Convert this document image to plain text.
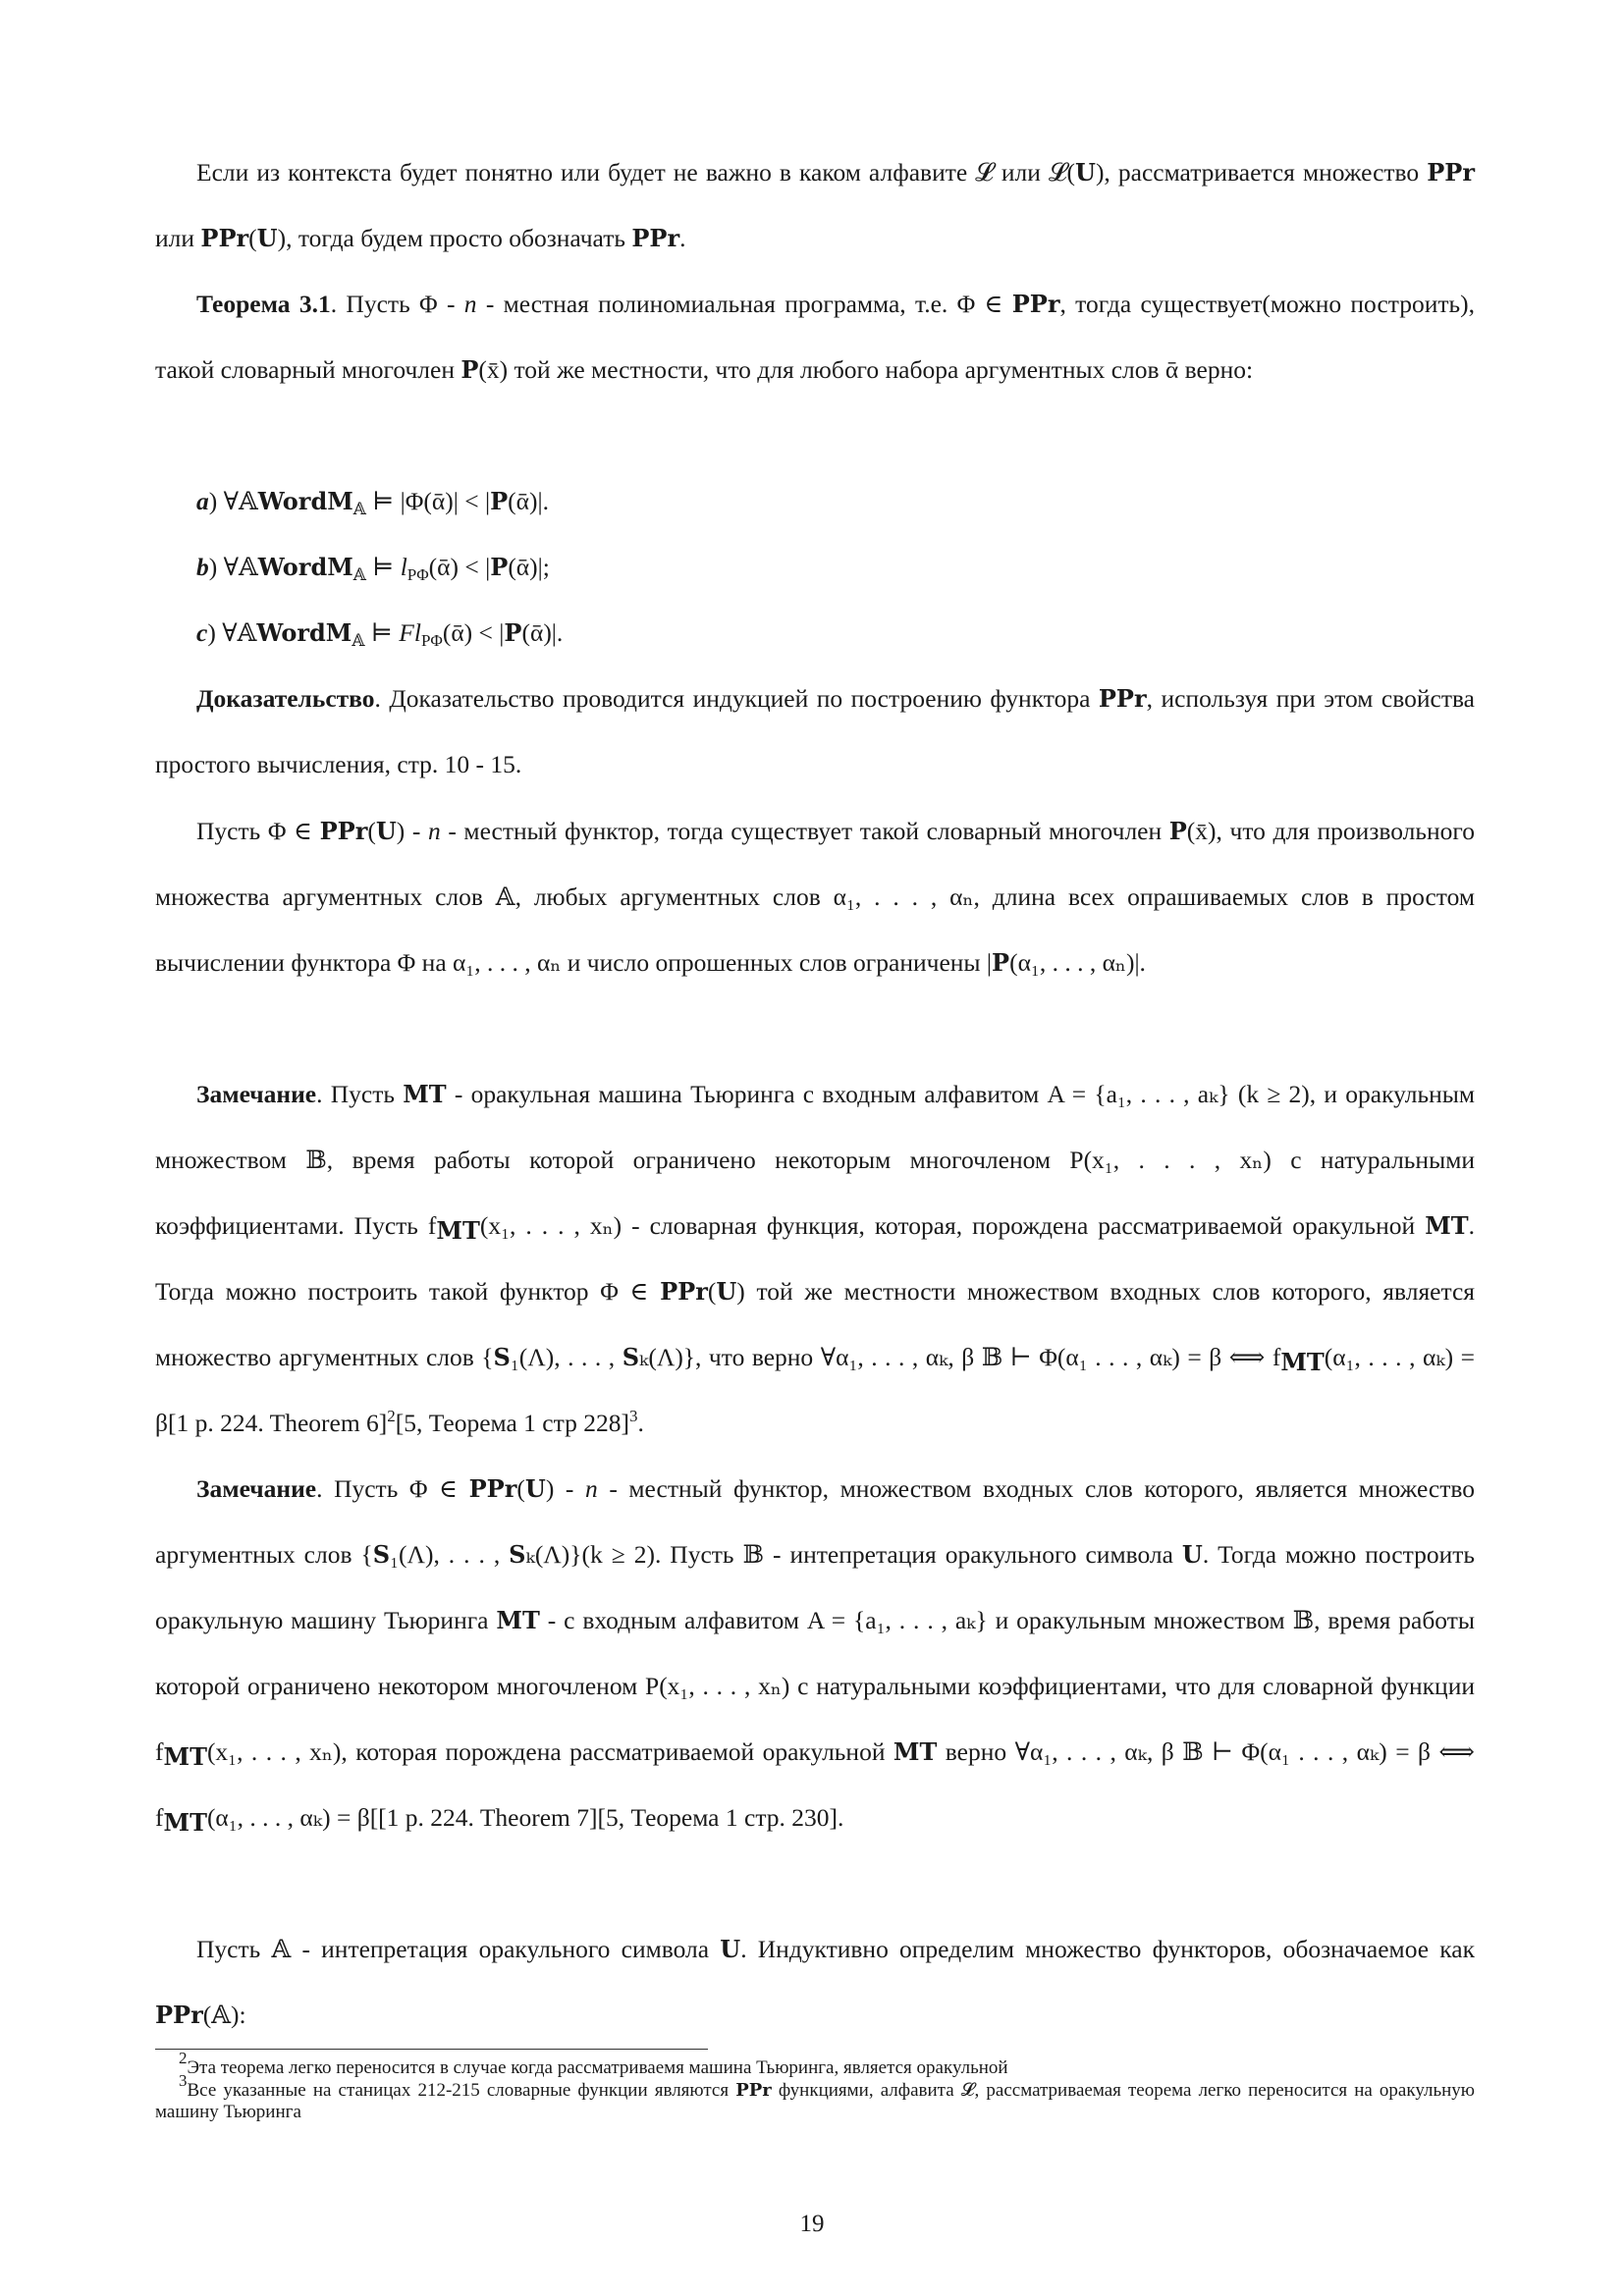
Если из контекста будет понятно или будет не важно в каком алфавите 𝓛 или 𝓛(U), рассматривается множество PPr или PPr(U), тогда будем просто обозначать PPr.

Теорема 3.1. Пусть Φ - n - местная полиномиальная программа, т.е. Φ ∈ PPr, тогда существует(можно построить), такой словарный многочлен P(x̄) той же местности, что для любого набора аргументных слов ᾱ верно:

a) ∀𝔸WordM$_𝔸$ ⊨ |Φ(ᾱ)| < |P(ᾱ)|.

b) ∀𝔸WordM$_𝔸$ ⊨ $l_{P\Phi}(ᾱ)$ < |P(ᾱ)|;

c) ∀𝔸WordM$_𝔸$ ⊨ $Fl_{P\Phi}(ᾱ)$ < |P(ᾱ)|.

Доказательство. Доказательство проводится индукцией по построению функтора PPr, используя при этом свойства простого вычисления, стр. 10 - 15.

Пусть Φ ∈ PPr(U) - n - местный функтор, тогда существует такой словарный многочлен P(x̄), что для произвольного множества аргументных слов 𝔸, любых аргументных слов α₁, . . . , αₙ, длина всех опрашиваемых слов в простом вычислении функтора Φ на α₁, . . . , αₙ и число опрошенных слов ограничены |P(α₁, . . . , αₙ)|.

Замечание. Пусть MT - оракульная машина Тьюринга с входным алфавитом A = {a₁, . . . , aₖ} (k ≥ 2), и оракульным множеством 𝔹, время работы которой ограничено некоторым многочленом P(x₁, . . . , xₙ) с натуральными коэффициентами. Пусть $f_{MT}(x_1$, . . . , xₙ) - словарная функция, которая, порождена рассматриваемой оракульной MT. Тогда можно построить такой функтор Φ ∈ PPr(U) той же местности множеством входных слов которого, является множество аргументных слов {S₁(Λ), . . . , Sₖ(Λ)}, что верно ∀α₁, . . . , αₖ, β 𝔹 ⊢ Φ(α₁ . . . , αₖ) = β ⟺ $f_{MT}(\alpha_1$, . . . , αₖ) = β[1 p. 224. Theorem 6]$^2$[5, Теорема 1 стр 228]$^3$.

Замечание. Пусть Φ ∈ PPr(U) - n - местный функтор, множеством входных слов которого, является множество аргументных слов {S₁(Λ), . . . , Sₖ(Λ)}(k ≥ 2). Пусть 𝔹 - интепретация оракульного символа U. Тогда можно построить оракульную машину Тьюринга MT - с входным алфавитом A = {a₁, . . . , aₖ} и оракульным множеством 𝔹, время работы которой ограничено некотором многочленом P(x₁, . . . , xₙ) с натуральными коэффициентами, что для словарной функции $f_{MT}(x_1$, . . . , xₙ), которая порождена рассматриваемой оракульной MT верно ∀α₁, . . . , αₖ, β 𝔹 ⊢ Φ(α₁ . . . , αₖ) = β ⟺ $f_{MT}(\alpha_1$, . . . , αₖ) = β[[1 p. 224. Theorem 7][5, Теорема 1 стр. 230].

Пусть 𝔸 - интепретация оракульного символа U. Индуктивно определим множество функторов, обозначаемое как PPr(𝔸):

$^2$Эта теорема легко переносится в случае когда рассматриваемя машина Тьюринга, является оракульной

$^3$Все указанные на станицах 212-215 словарные функции являются PPr функциями, алфавита 𝓛, рассматриваемая теорема легко переносится на оракульную машину Тьюринга

19
